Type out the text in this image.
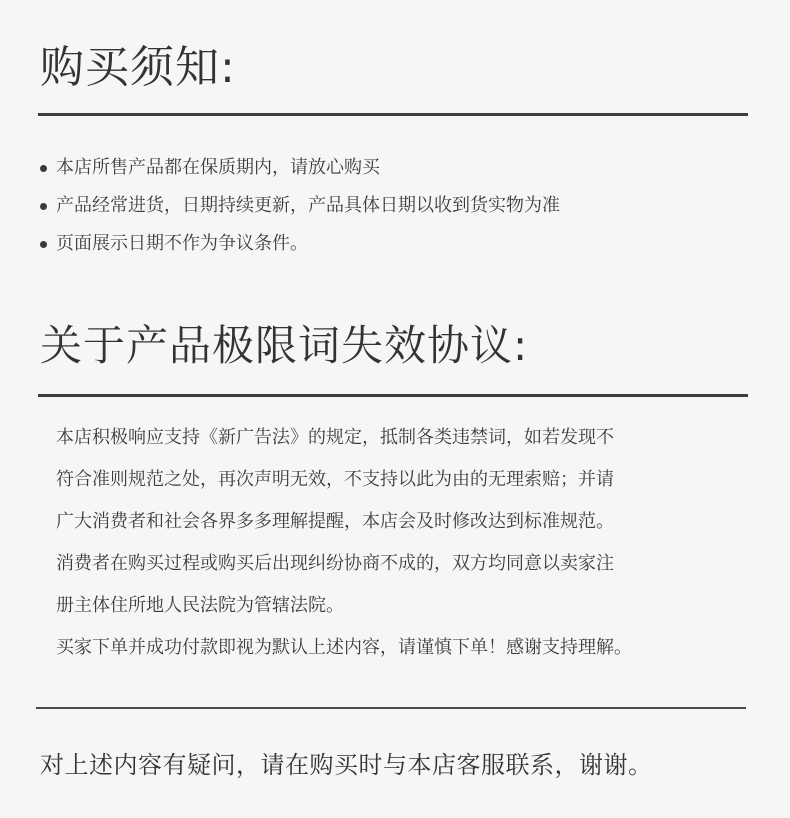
购买须知:
本店所售产品都在保质期内，请放心购买
产品经常进货，日期持续更新，产品具体日期以收到货实物为准
页面展示日期不作为争议条件。
关于产品极限词失效协议:

本店积极响应支持《新广告法》的规定，抵制各类违禁词，如若发现不

符合准则规范之处，再次声明无效，不支持以此为由的无理索赔；并请

广大消费者和社会各界多多理解提醒，本店会及时修改达到标准规范。

消费者在购买过程或购买后出现纠纷协商不成的，双方均同意以卖家注

册主体住所地人民法院为管辖法院。

买家下单并成功付款即视为默认上述内容，请谨慎下单！感谢支持理解。

对上述内容有疑问，请在购买时与本店客服联系，谢谢。
